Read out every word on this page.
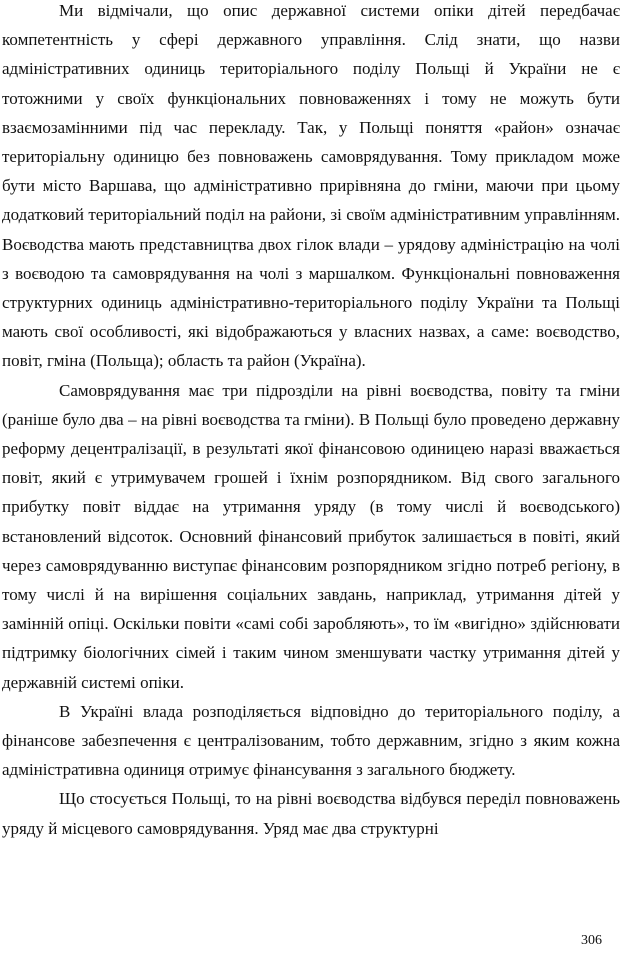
Ми відмічали, що опис державної системи опіки дітей передбачає компетентність у сфері державного управління. Слід знати, що назви адміністративних одиниць територіального поділу Польщі й України не є тотожними у своїх функціональних повноваженнях і тому не можуть бути взаємозамінними під час перекладу. Так, у Польщі поняття «район» означає територіальну одиницю без повноважень самоврядування. Тому прикладом може бути місто Варшава, що адміністративно прирівняна до гміни, маючи при цьому додатковий територіальний поділ на райони, зі своїм адміністративним управлінням. Воєводства мають представництва двох гілок влади – урядову адміністрацію на чолі з воєводою та самоврядування на чолі з маршалком. Функціональні повноваження структурних одиниць адміністративно-територіального поділу України та Польщі мають свої особливості, які відображаються у власних назвах, а саме: воєводство, повіт, гміна (Польща); область та район (Україна).

Самоврядування має три підрозділи на рівні воєводства, повіту та гміни (раніше було два – на рівні воєводства та гміни). В Польщі було проведено державну реформу децентралізації, в результаті якої фінансовою одиницею наразі вважається повіт, який є утримувачем грошей і їхнім розпорядником. Від свого загального прибутку повіт віддає на утримання уряду (в тому числі й воєводського) встановлений відсоток. Основний фінансовий прибуток залишається в повіті, який через самоврядуванню виступає фінансовим розпорядником згідно потреб регіону, в тому числі й на вирішення соціальних завдань, наприклад, утримання дітей у замінній опіці. Оскільки повіти «самі собі заробляють», то їм «вигідно» здійснювати підтримку біологічних сімей і таким чином зменшувати частку утримання дітей у державній системі опіки.

В Україні влада розподіляється відповідно до територіального поділу, а фінансове забезпечення є централізованим, тобто державним, згідно з яким кожна адміністративна одиниця отримує фінансування з загального бюджету.

Що стосується Польщі, то на рівні воєводства відбувся переділ повноважень уряду й місцевого самоврядування. Уряд має два структурні

306
